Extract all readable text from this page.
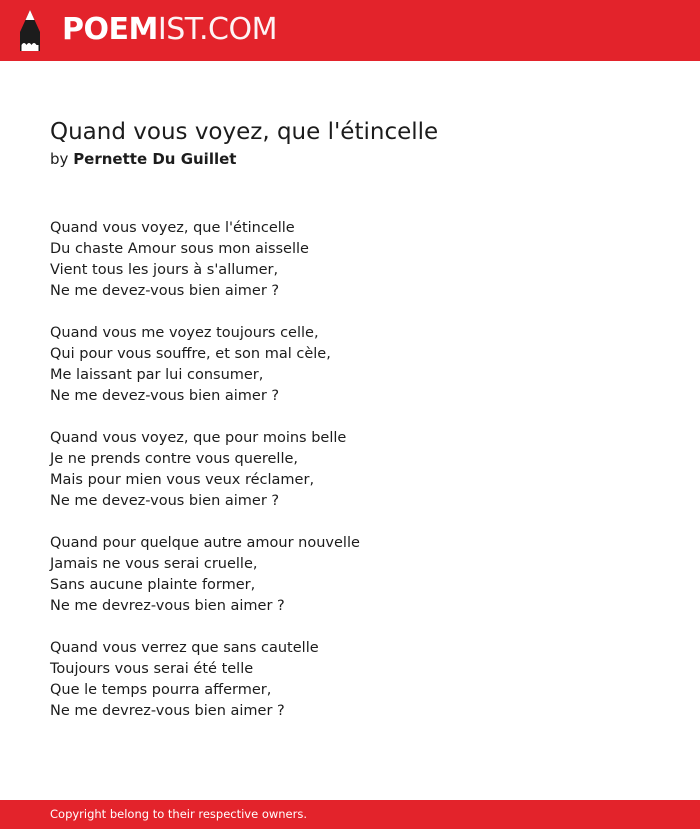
POEMIST.COM
Quand vous voyez, que l'étincelle
by Pernette Du Guillet
Quand vous voyez, que l'étincelle
Du chaste Amour sous mon aisselle
Vient tous les jours à s'allumer,
Ne me devez-vous bien aimer ?
Quand vous me voyez toujours celle,
Qui pour vous souffre, et son mal cèle,
Me laissant par lui consumer,
Ne me devez-vous bien aimer ?
Quand vous voyez, que pour moins belle
Je ne prends contre vous querelle,
Mais pour mien vous veux réclamer,
Ne me devez-vous bien aimer ?
Quand pour quelque autre amour nouvelle
Jamais ne vous serai cruelle,
Sans aucune plainte former,
Ne me devrez-vous bien aimer ?
Quand vous verrez que sans cautelle
Toujours vous serai été telle
Que le temps pourra affermer,
Ne me devrez-vous bien aimer ?
Copyright belong to their respective owners.
